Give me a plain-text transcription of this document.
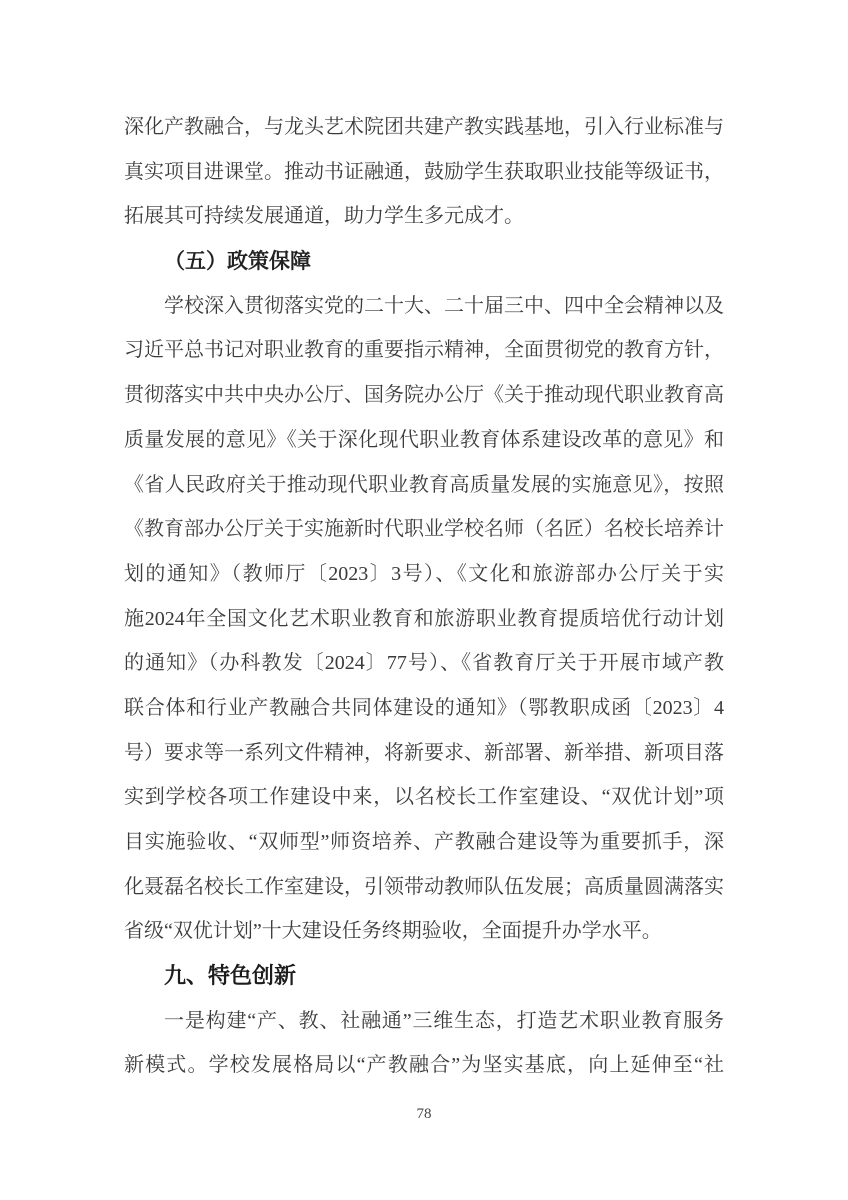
深化产教融合，与龙头艺术院团共建产教实践基地，引入行业标准与
真实项目进课堂。推动书证融通，鼓励学生获取职业技能等级证书，
拓展其可持续发展通道，助力学生多元成才。
（五）政策保障
学校深入贯彻落实党的二十大、二十届三中、四中全会精神以及
习近平总书记对职业教育的重要指示精神，全面贯彻党的教育方针，
贯彻落实中共中央办公厅、国务院办公厅《关于推动现代职业教育高
质量发展的意见》《关于深化现代职业教育体系建设改革的意见》和
《省人民政府关于推动现代职业教育高质量发展的实施意见》，按照
《教育部办公厅关于实施新时代职业学校名师（名匠）名校长培养计
划的通知》（教师厅〔2023〕3号）、《文化和旅游部办公厅关于实
施2024年全国文化艺术职业教育和旅游职业教育提质培优行动计划
的通知》（办科教发〔2024〕77号）、《省教育厅关于开展市域产教
联合体和行业产教融合共同体建设的通知》（鄂教职成函〔2023〕4
号）要求等一系列文件精神，将新要求、新部署、新举措、新项目落
实到学校各项工作建设中来，以名校长工作室建设、“双优计划”项
目实施验收、“双师型”师资培养、产教融合建设等为重要抓手，深
化聂磊名校长工作室建设，引领带动教师队伍发展；高质量圆满落实
省级“双优计划”十大建设任务终期验收，全面提升办学水平。
九、特色创新
一是构建“产、教、社融通”三维生态，打造艺术职业教育服务
新模式。学校发展格局以“产教融合”为坚实基底，向上延伸至“社
78
